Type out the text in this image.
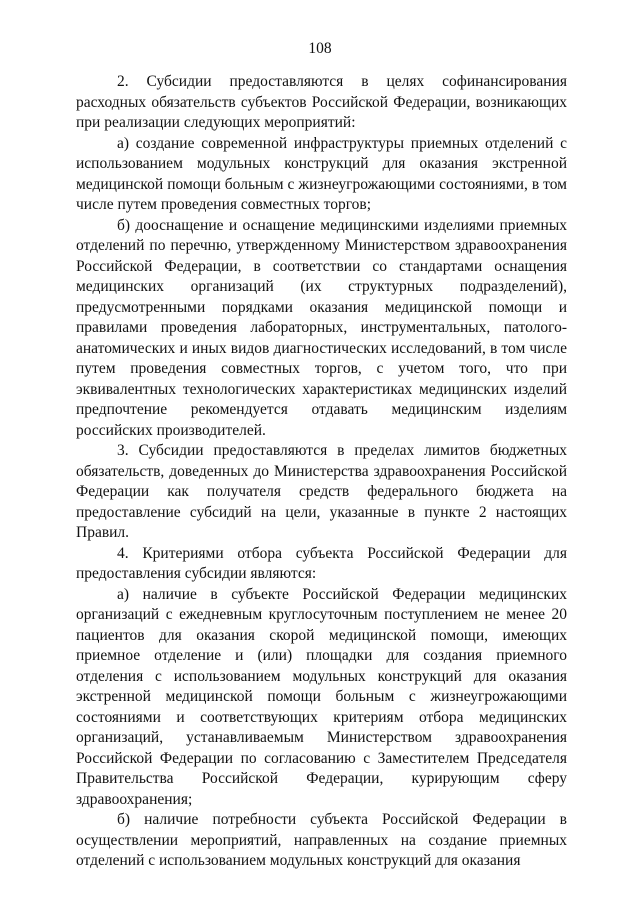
108

2. Субсидии предоставляются в целях софинансирования расходных обязательств субъектов Российской Федерации, возникающих при реализации следующих мероприятий:

а) создание современной инфраструктуры приемных отделений с использованием модульных конструкций для оказания экстренной медицинской помощи больным с жизнеугрожающими состояниями, в том числе путем проведения совместных торгов;

б) дооснащение и оснащение медицинскими изделиями приемных отделений по перечню, утвержденному Министерством здравоохранения Российской Федерации, в соответствии со стандартами оснащения медицинских организаций (их структурных подразделений), предусмотренными порядками оказания медицинской помощи и правилами проведения лабораторных, инструментальных, патолого-анатомических и иных видов диагностических исследований, в том числе путем проведения совместных торгов, с учетом того, что при эквивалентных технологических характеристиках медицинских изделий предпочтение рекомендуется отдавать медицинским изделиям российских производителей.

3. Субсидии предоставляются в пределах лимитов бюджетных обязательств, доведенных до Министерства здравоохранения Российской Федерации как получателя средств федерального бюджета на предоставление субсидий на цели, указанные в пункте 2 настоящих Правил.

4. Критериями отбора субъекта Российской Федерации для предоставления субсидии являются:

а) наличие в субъекте Российской Федерации медицинских организаций с ежедневным круглосуточным поступлением не менее 20 пациентов для оказания скорой медицинской помощи, имеющих приемное отделение и (или) площадки для создания приемного отделения с использованием модульных конструкций для оказания экстренной медицинской помощи больным с жизнеугрожающими состояниями и соответствующих критериям отбора медицинских организаций, устанавливаемым Министерством здравоохранения Российской Федерации по согласованию с Заместителем Председателя Правительства Российской Федерации, курирующим сферу здравоохранения;

б) наличие потребности субъекта Российской Федерации в осуществлении мероприятий, направленных на создание приемных отделений с использованием модульных конструкций для оказания
